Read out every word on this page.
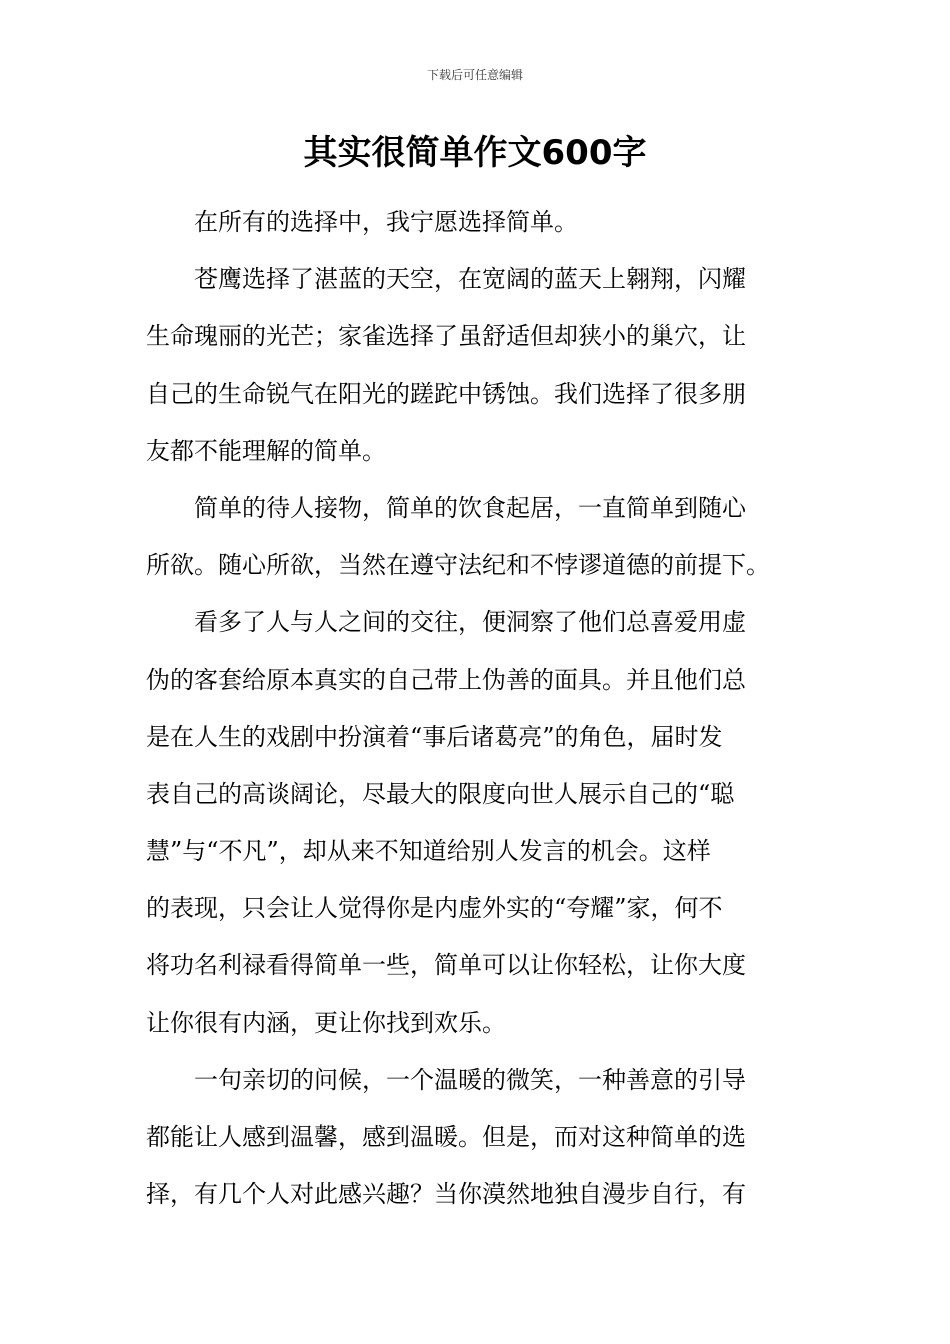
下载后可任意编辑
其实很简单作文600字
在所有的选择中，我宁愿选择简单。
苍鹰选择了湛蓝的天空，在宽阔的蓝天上翱翔，闪耀
生命瑰丽的光芒；家雀选择了虽舒适但却狭小的巢穴，让
自己的生命锐气在阳光的蹉跎中锈蚀。我们选择了很多朋
友都不能理解的简单。
简单的待人接物，简单的饮食起居，一直简单到随心
所欲。随心所欲，当然在遵守法纪和不悖谬道德的前提下。
看多了人与人之间的交往，便洞察了他们总喜爱用虚
伪的客套给原本真实的自己带上伪善的面具。并且他们总
是在人生的戏剧中扮演着“事后诸葛亮”的角色，届时发
表自己的高谈阔论，尽最大的限度向世人展示自己的“聪
慧”与“不凡”，却从来不知道给别人发言的机会。这样
的表现，只会让人觉得你是内虚外实的“夸耀”家，何不
将功名利禄看得简单一些，简单可以让你轻松，让你大度
让你很有内涵，更让你找到欢乐。
一句亲切的问候，一个温暖的微笑，一种善意的引导
都能让人感到温馨，感到温暖。但是，而对这种简单的选
择，有几个人对此感兴趣？当你漠然地独自漫步自行，有
